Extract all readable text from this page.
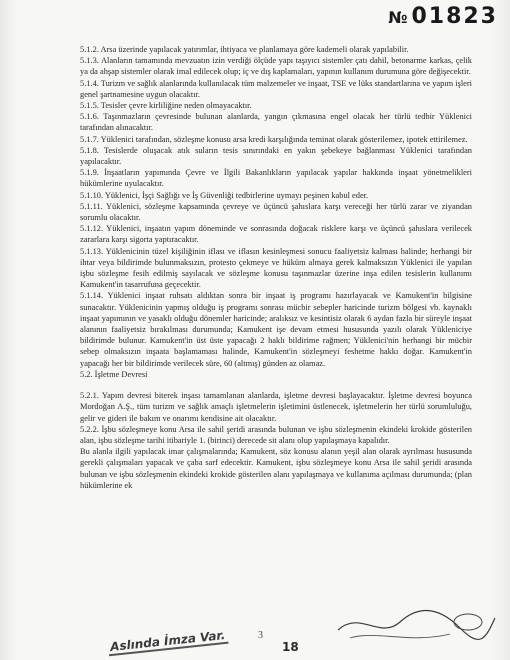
№ 01823

5.1.2. Arsa üzerinde yapılacak yatırımlar, ihtiyaca ve planlamaya göre kademeli olarak yapılabilir.

5.1.3. Alanların tamamında mevzuatın izin verdiği ölçüde yapı taşıyıcı sistemler çatı dahil, betonarme karkas, çelik ya da ahşap sistemler olarak imal edilecek olup; iç ve dış kaplamaları, yapının kullanım durumuna göre değişecektir.

5.1.4. Turizm ve sağlık alanlarında kullanılacak tüm malzemeler ve inşaat, TSE ve lüks standartlarına ve yapım işleri genel şartnamesine uygun olacaktır.

5.1.5. Tesisler çevre kirliliğine neden olmayacaktır.

5.1.6. Taşınmazların çevresinde bulunan alanlarda, yangın çıkmasına engel olacak her türlü tedbir Yüklenici tarafından alınacaktır.

5.1.7. Yüklenici tarafından, sözleşme konusu arsa kredi karşılığında teminat olarak gösterilemez, ipotek ettirilemez.

5.1.8. Tesislerde oluşacak atık suların tesis sınırındaki en yakın şebekeye bağlanması Yüklenici tarafından yapılacaktır.

5.1.9. İnşaatların yapımında Çevre ve İlgili Bakanlıkların yapılacak yapılar hakkında inşaat yönetmelikleri hükümlerine uyulacaktır.

5.1.10. Yüklenici, İşçi Sağlığı ve İş Güvenliği tedbirlerine uymayı peşinen kabul eder.

5.1.11. Yüklenici, sözleşme kapsamında çevreye ve üçüncü şahıslara karşı vereceği her türlü zarar ve ziyandan sorumlu olacaktır.

5.1.12. Yüklenici, inşaatın yapım döneminde ve sonrasında doğacak risklere karşı ve üçüncü şahıslara verilecek zararlara karşı sigorta yaptıracaktır.

5.1.13. Yüklenicinin tüzel kişiliğinin iflası ve iflasın kesinleşmesi sonucu faaliyetsiz kalması halinde; herhangi bir ihtar veya bildirimde bulunmaksızın, protesto çekmeye ve hüküm almaya gerek kalmaksızın Yüklenici ile yapılan işbu sözleşme fesih edilmiş sayılacak ve sözleşme konusu taşınmazlar üzerine inşa edilen tesislerin kullanımı Kamukent'in tasarrufuna geçecektir.

5.1.14. Yüklenici inşaat ruhsatı aldıktan sonra bir inşaat iş programı hazırlayacak ve Kamukent'in bilgisine sunacaktır. Yüklenicinin yapmış olduğu iş programı sonrası mücbir sebepler haricinde turizm bölgesi vb. kaynaklı inşaat yapımının ve yasaklı olduğu dönemler haricinde; aralıksız ve kesintisiz olarak 6 aydan fazla bir süreyle inşaat alanının faaliyetsiz bırakılması durumunda; Kamukent işe devam etmesi hususunda yazılı olarak Yükleniciye bildirimde bulunur. Kamukent'in üst üste yapacağı 2 haklı bildirime rağmen; Yüklenici'nin herhangi bir mücbir sebep olmaksızın inşaata başlamaması halinde, Kamukent'in sözleşmeyi feshetme hakkı doğar. Kamukent'in yapacağı her bir bildirimde verilecek süre, 60 (altmış) günden az olamaz.

5.2. İşletme Devresi

5.2.1. Yapım devresi biterek inşası tamamlanan alanlarda, işletme devresi başlayacaktır. İşletme devresi boyunca Mordoğan A.Ş., tüm turizm ve sağlık amaçlı işletmelerin işletimini üstlenecek, işletmelerin her türlü sorumluluğu, gelir ve gideri ile bakım ve onarımı kendisine ait olacaktır.

5.2.2. İşbu sözleşmeye konu Arsa ile sahil şeridi arasında bulunan ve işbu sözleşmenin ekindeki krokide gösterilen alan, işbu sözleşme tarihi itibariyle 1. (birinci) derecede sit alanı olup yapılaşmaya kapalıdır.

Bu alanla ilgili yapılacak imar çalışmalarında; Kamukent, söz konusu alanın yeşil alan olarak ayrılması hususunda gerekli çalışmaları yapacak ve çaba sarf edecektir. Kamukent, işbu sözleşmeye konu Arsa ile sahil şeridi arasında bulunan ve işbu sözleşmenin ekindeki krokide gösterilen alanı yapılaşmaya ve kullanıma açılması durumunda; (plan hükümlerine ek

Aslında İmza Var.	3
18
